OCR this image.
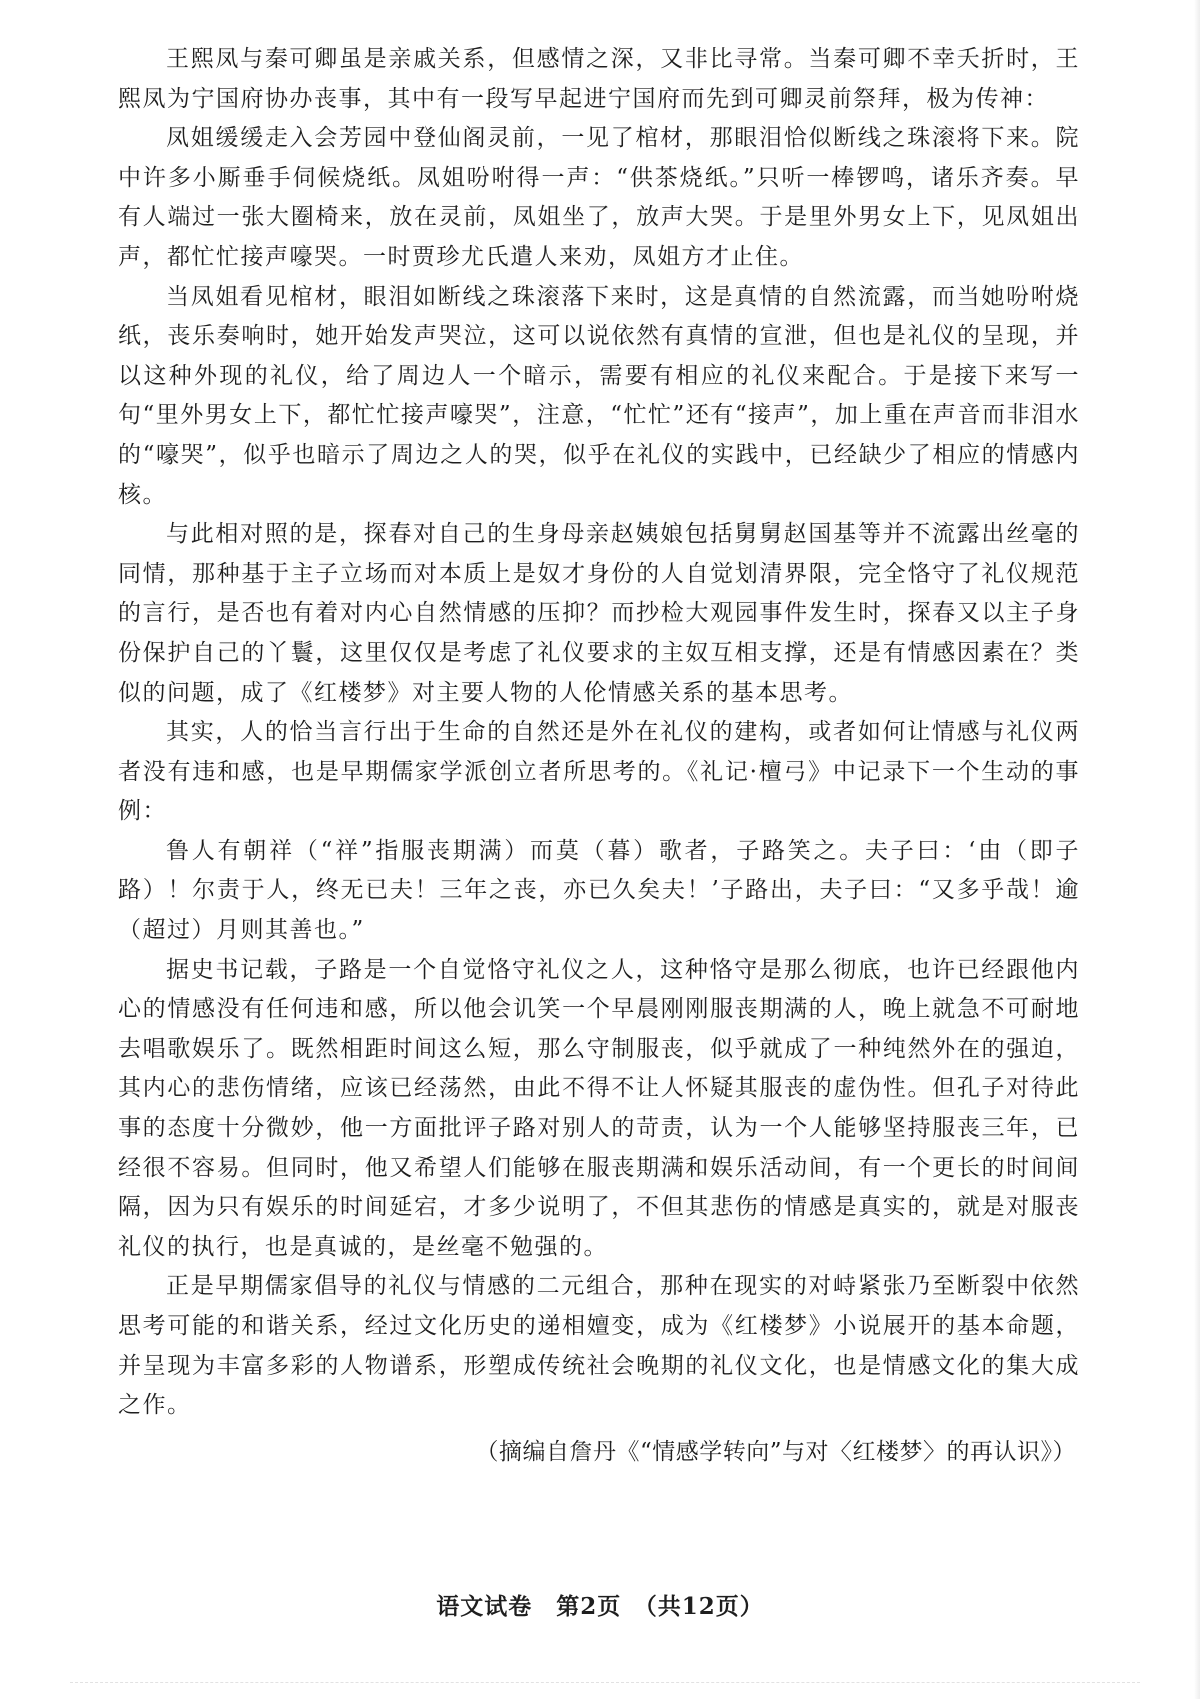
王熙凤与秦可卿虽是亲戚关系，但感情之深，又非比寻常。当秦可卿不幸夭折时，王熙凤为宁国府协办丧事，其中有一段写早起进宁国府而先到可卿灵前祭拜，极为传神：

凤姐缓缓走入会芳园中登仙阁灵前，一见了棺材，那眼泪恰似断线之珠滚将下来。院中许多小厮垂手伺候烧纸。凤姐吩咐得一声：“供茶烧纸。”只听一棒锣鸣，诸乐齐奏。早有人端过一张大圈椅来，放在灵前，凤姐坐了，放声大哭。于是里外男女上下，见凤姐出声，都忙忙接声嚎哭。一时贾珍尤氏遣人来劝，凤姐方才止住。

当凤姐看见棺材，眼泪如断线之珠滚落下来时，这是真情的自然流露，而当她吩咐烧纸，丧乐奏响时，她开始发声哭泣，这可以说依然有真情的宣泄，但也是礼仪的呈现，并以这种外现的礼仪，给了周边人一个暗示，需要有相应的礼仪来配合。于是接下来写一句“里外男女上下，都忙忙接声嚎哭”，注意，“忙忙”还有“接声”，加上重在声音而非泪水的“嚎哭”，似乎也暗示了周边之人的哭，似乎在礼仪的实践中，已经缺少了相应的情感内核。

与此相对照的是，探春对自己的生身母亲赵姨娘包括舅舅赵国基等并不流露出丝毫的同情，那种基于主子立场而对本质上是奴才身份的人自觉划清界限，完全恪守了礼仪规范的言行，是否也有着对内心自然情感的压抑？而抄检大观园事件发生时，探春又以主子身份保护自己的丫鬟，这里仅仅是考虑了礼仪要求的主奴互相支撑，还是有情感因素在？类似的问题，成了《红楼梦》对主要人物的人伦情感关系的基本思考。

其实，人的恰当言行出于生命的自然还是外在礼仪的建构，或者如何让情感与礼仪两者没有违和感，也是早期儒家学派创立者所思考的。《礼记·檀弓》中记录下一个生动的事例：

鲁人有朝祥（“祥”指服丧期满）而莫（暮）歌者，子路笑之。夫子曰：‘由（即子路）！尔责于人，终无已夫！三年之丧，亦已久矣夫！’子路出，夫子曰：“又多乎哉！逾（超过）月则其善也。”

据史书记载，子路是一个自觉恪守礼仪之人，这种恪守是那么彻底，也许已经跟他内心的情感没有任何违和感，所以他会讥笑一个早晨刚刚服丧期满的人，晚上就急不可耐地去唱歌娱乐了。既然相距时间这么短，那么守制服丧，似乎就成了一种纯然外在的强迫，其内心的悲伤情绪，应该已经荡然，由此不得不让人怀疑其服丧的虚伪性。但孔子对待此事的态度十分微妙，他一方面批评子路对别人的苛责，认为一个人能够坚持服丧三年，已经很不容易。但同时，他又希望人们能够在服丧期满和娱乐活动间，有一个更长的时间间隔，因为只有娱乐的时间延宕，才多少说明了，不但其悲伤的情感是真实的，就是对服丧礼仪的执行，也是真诚的，是丝毫不勉强的。

正是早期儒家倡导的礼仪与情感的二元组合，那种在现实的对峙紧张乃至断裂中依然思考可能的和谐关系，经过文化历史的递相嬗变，成为《红楼梦》小说展开的基本命题，并呈现为丰富多彩的人物谱系，形塑成传统社会晚期的礼仪文化，也是情感文化的集大成之作。

（摘编自詹丹《“情感学转向”与对〈红楼梦〉的再认识》）

语文试卷　第2页　（共12页）
